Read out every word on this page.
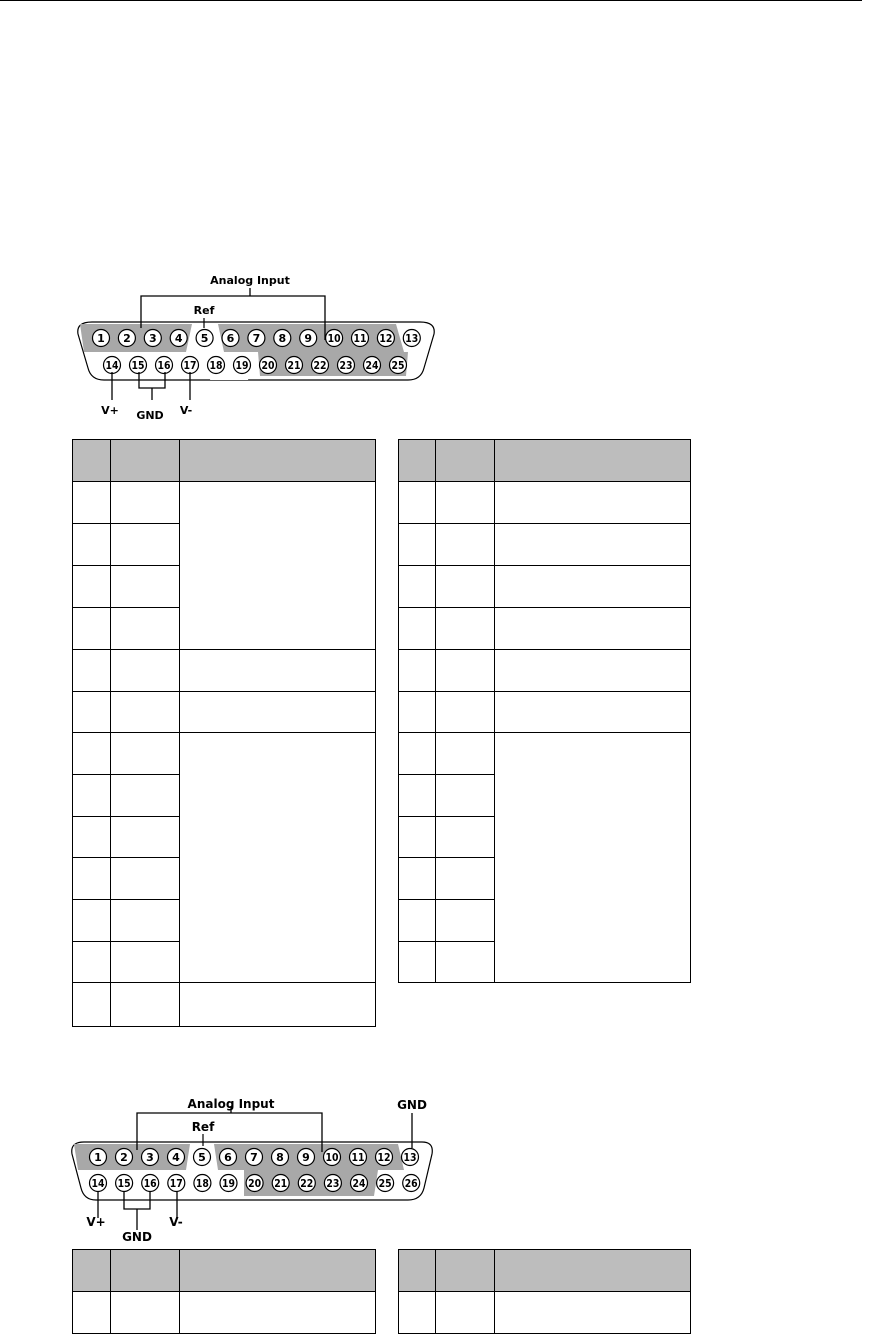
Analog Input
Ref
1 2 3 4 5 6 7 8 9 10 11 12 13
14 15 16 17 18 19 20 21 22 23 24 25
V+ GND V-

Analog Input
Ref
GND
1 2 3 4 5 6 7 8 9 10 11 12 13
14 15 16 17 18 19 20 21 22 23 24 25 26
V+
GND
V-
